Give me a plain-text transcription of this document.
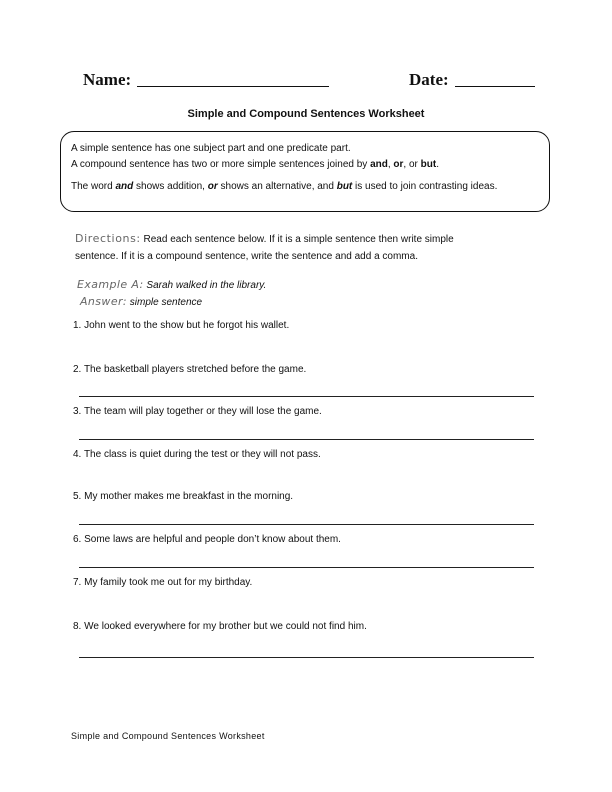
Name:	Date:
Simple and Compound Sentences Worksheet

A simple sentence has one subject part and one predicate part.

A compound sentence has two or more simple sentences joined by and, or, or but.

The word and shows addition, or shows an alternative, and but is used to join contrasting ideas.

Directions: Read each sentence below. If it is a simple sentence then write simple
sentence. If it is a compound sentence, write the sentence and add a comma.
Example A: Sarah walked in the library.
Answer: simple sentence
1. John went to the show but he forgot his wallet.
2. The basketball players stretched before the game.
3. The team will play together or they will lose the game.
4. The class is quiet during the test or they will not pass.
5. My mother makes me breakfast in the morning.
6. Some laws are helpful and people don’t know about them.
7. My family took me out for my birthday.
8. We looked everywhere for my brother but we could not find him.
Simple and Compound Sentences Worksheet
